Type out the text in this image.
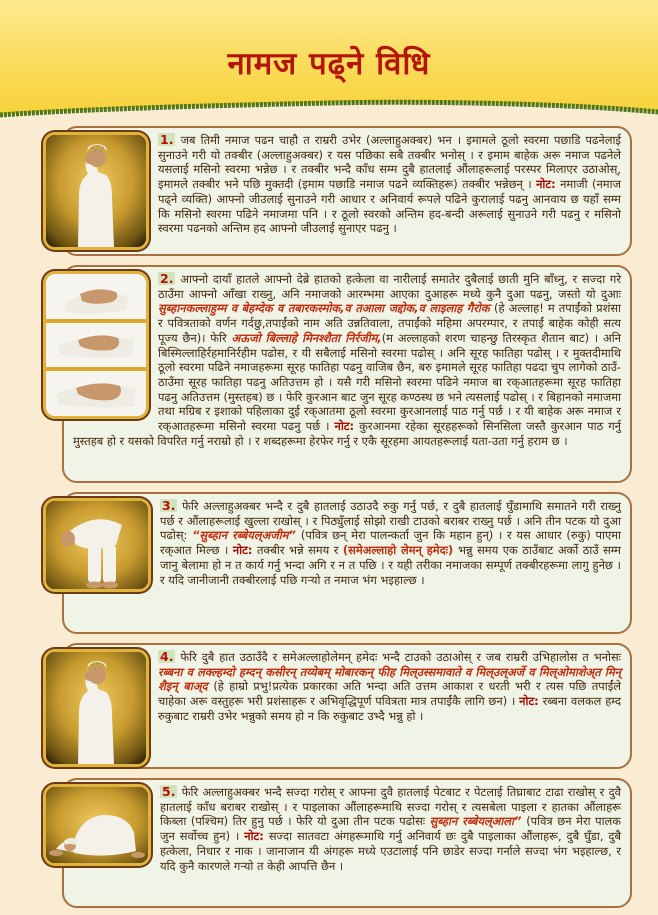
नामज पढ्ने विधि
1. जब तिमी नमाज पढन चाहौ त राम्ररी उभेर (अल्लाहुअक्बर) भन । इमामले ठूलो स्वरमा पछाडि पढनेलाई सुनाउने गरी यो तक्बीर (अल्लाहुअक्बर) र यस पछिका सबै तक्बीर भनोस् । र इमाम बाहेक अरू नमाज पढनेले यसलाई मसिनो स्वरमा भन्नेछ । र तक्बीर भन्दै काँध सम्म दुबै हातलाई औंलाहरूलाई परस्पर मिलाएर उठाओस्, इमामले तक्बीर भने पछि मुक्तदी (इमाम पछाडि नमाज पढने व्यक्तिहरू) तक्बीर भन्नेछन् । नोट: नमाजी (नमाज पढ्ने व्यक्ति) आफ्नो जीउलाई सुनाउने गरी आधार र अनिवार्य रूपले पढिने कुरालाई पढनु आनवाय छ यहाँ सम्म कि मसिनो स्वरमा पढिने नमाजमा पनि । र ठूलो स्वरको अन्तिम हद-बन्दी अरूलाई सुनाउने गरी पढनु र मसिनो स्वरमा पढनको अन्तिम हद आफ्नो जीउलाई सुनाएर पढनु ।
2. आफ्नो दायाँ हातले आफ्नो देब्रे हातको हत्केला वा नारीलाई समातेर दुबैलाई छाती मुनि बाँध्नु, र सज्दा गरे ठाउँमा आफ्नो आँखा राख्नु, अनि नमाजको आरम्भमा आएका दुआहरू मध्ये कुनै दुआ पढनु, जस्तो यो दुआः सुब्हानकल्लाहुम्म व बेहम्देक व तबारकस्मोक,व तआला जद्दोक,व लाइलाह गैरोक (हे अल्लाह! म तपाईंको प्रशंसा र पवित्रताको वर्णन गर्दछु,तपाईंको नाम अति उन्नतिवाला, तपाईंको महिमा अपरम्पार, र तपाईं बाहेक कोही सत्य पूज्य छैन)। फेरि अऊजो बिल्लाहे मिनश्शैता निर्रजीम,(म अल्लाहको शरण चाहन्छु तिरस्कृत शैतान बाट) । अनि बिस्मिल्लाहिर्रहमानिर्रहीम पढोस, र यी सबैलाई मसिनो स्वरमा पढोस् । अनि सूरह फातिहा पढोस् । र मुक्तदीमाथि ठूलो स्वरमा पढिने नमाजहरूमा सूरह फातिहा पढनु वाजिब छैन, बरु इमामले सूरह फातिहा पढदा चुप लागेको ठाउँ-ठाउँमा सूरह फातिहा पढनु अतिउत्तम हो । यसै गरी मसिनो स्वरमा पढिने नमाज बा रक्आतहरूमा सूरह फातिहा पढनु अतिउत्तम (मुस्तहब) छ । फेरि कुरआन बाट जुन सूरह कण्ठस्थ छ भने त्यसलाई पढोस् । र बिहानको नमाजमा तथा मग्रिब र इशाको पहिलाका दुई रक्आतमा ठूलो स्वरमा कुरआनलाई पाठ गर्नु पर्छ । र यी बाहेक अरू नमाज र रक्आतहरूमा मसिनो स्वरमा पढनु पर्छ । नोट: कुरआनमा रहेका सूरहहरूको सिनसिला जस्तै कुरआन पाठ गर्नु मुस्तहब हो र यसको विपरित गर्नु नराम्रो हो । र शब्दहरूमा हेरफेर गर्नु र एकै सूरहमा आयतहरूलाई यता-उता गर्नु हराम छ ।
3. फेरि अल्लाहुअक्बर भन्दै र दुबै हातलाई उठाउदै रुकु गर्नु पर्छ, र दुबै हातलाई घुँडामाथि समातने गरी राख्नु पर्छ र औंलाहरूलाई खुल्ला राखोस् । र पिठ्युँलाई सोझो राखी टाउको बराबर राख्नु पर्छ । अनि तीन पटक यो दुआ पढोस्: “सुब्हान रब्बेयल्अजीम” (पवित्र छन् मेरा पालन्कर्ता जुन कि महान हुन्) । र यस आधार (रुकु) पाएमा रक्आत मिल्छ । नोट: तक्बीर भन्ने समय र (समेअल्लाहो लेमन् हमेदः) भन्नु समय एक ठाउँबाट अर्को ठाउँ सम्म जानु बेलामा हो न त कार्य गर्नु भन्दा अगि र न त पछि । र यही तरीका नमाजका सम्पूर्ण तक्बीरहरूमा लागु हुनेछ । र यदि जानीजानी तक्बीरलाई पछि गऱ्यो त नमाज भंग भइहाल्छ ।
4. फेरि दुबै हात उठाउँदै र समेअल्लाहोलेमन् हमेदः भन्दै टाउको उठाओस् र जब राम्ररी उभिहालोस त भनोसः रब्बना व लक्ल्हम्दो हम्दन् कसीरन् तय्येबम् मोबारकन् फीह मिल्उस्समावाते व मिल्उल्अर्जे व मिल्ओमाशेअ्त मिन् शैइन् बाअ्द (हे हाम्रो प्रभु!प्रत्येक प्रकारका अति भन्दा अति उत्तम आकाश र धरती भरी र त्यस पछि तपाईंले चाहेका अरू वस्तुहरू भरी प्रशंसाहरू र अभिवृद्धिपूर्ण पवित्रता मात्र तपाईंकै लागि छन) । नोट: रब्बना वलकल हम्द रुकुबाट राम्ररी उभेर भन्नुको समय हो न कि रुकुबाट उभ्दै भन्नु हो ।
5. फेरि अल्लाहुअक्बर भन्दै सज्दा गरोस् र आफ्ना दुवै हातलाई पेटबाट र पेटलाई तिघ्राबाट टाढा राखोस् र दुवै हातलाई काँध बराबर राखोस् । र पाइलाका औंलाहरूमाथि सज्दा गरोस् र त्यसबेला पाइला र हातका औंलाहरू किब्ला (पश्चिम) तिर हुनु पर्छ । फेरि यो दुआ तीन पटक पढोसः सुब्हान रब्बेयल्आला” (पवित्र छन मेरा पालक जुन सर्वोच्च हुन) । नोट: सज्दा सातवटा अंगहरूमाथि गर्नु अनिवार्य छः दुबै पाइलाका औंलाहरू, दुबै घुँडा, दुबै हत्केला, निधार र नाक । जानाजान यी अंगहरू मध्ये एउटालाई पनि छाडेर सज्दा गर्नाले सज्दा भंग भइहाल्छ, र यदि कुनै कारणले गऱ्यो त केही आपत्ति छैन ।
